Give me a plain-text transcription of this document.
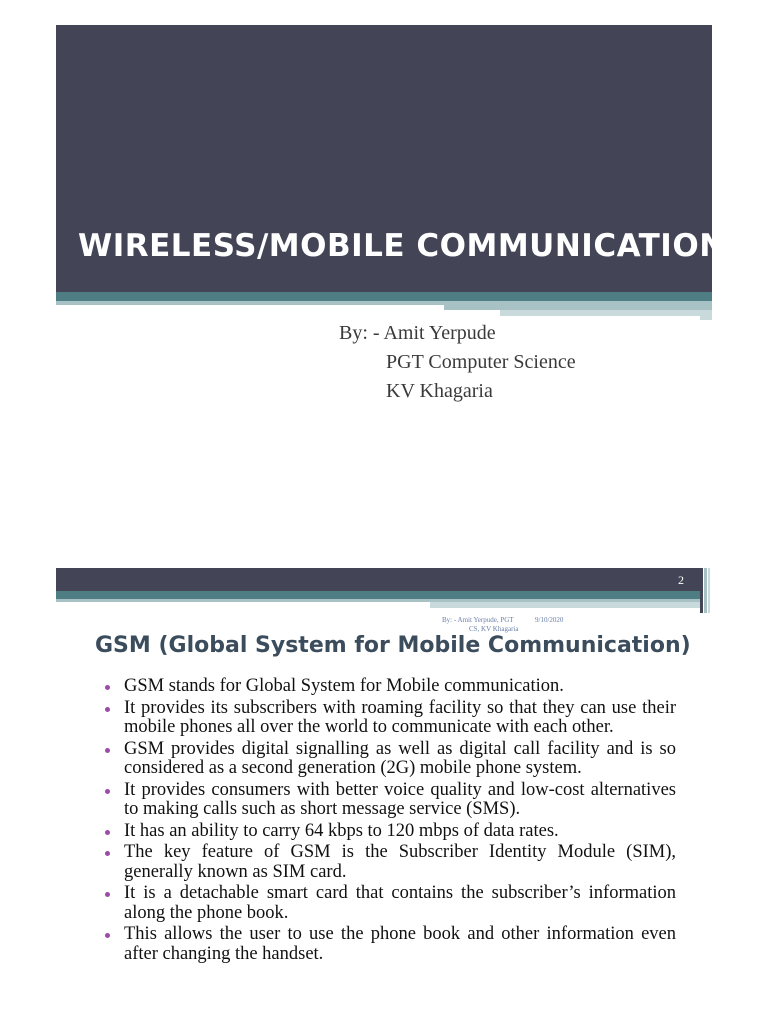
WIRELESS/MOBILE COMMUNICATION
By: - Amit Yerpude
PGT Computer Science
KV Khagaria
2
By: - Amit Yerpude, PGT
CS, KV Khagaria
9/10/2020
GSM (Global System for Mobile Communication)
GSM stands for Global System for Mobile communication.
It provides its subscribers with roaming facility so that they can use their mobile phones all over the world to communicate with each other.
GSM provides digital signalling as well as digital call facility and is so considered as a second generation (2G) mobile phone system.
It provides consumers with better voice quality and low-cost alternatives to making calls such as short message service (SMS).
It has an ability to carry 64 kbps to 120 mbps of data rates.
The key feature of GSM is the Subscriber Identity Module (SIM), generally known as SIM card.
It is a detachable smart card that contains the subscriber’s information along the phone book.
This allows the user to use the phone book and other information even after changing the handset.
